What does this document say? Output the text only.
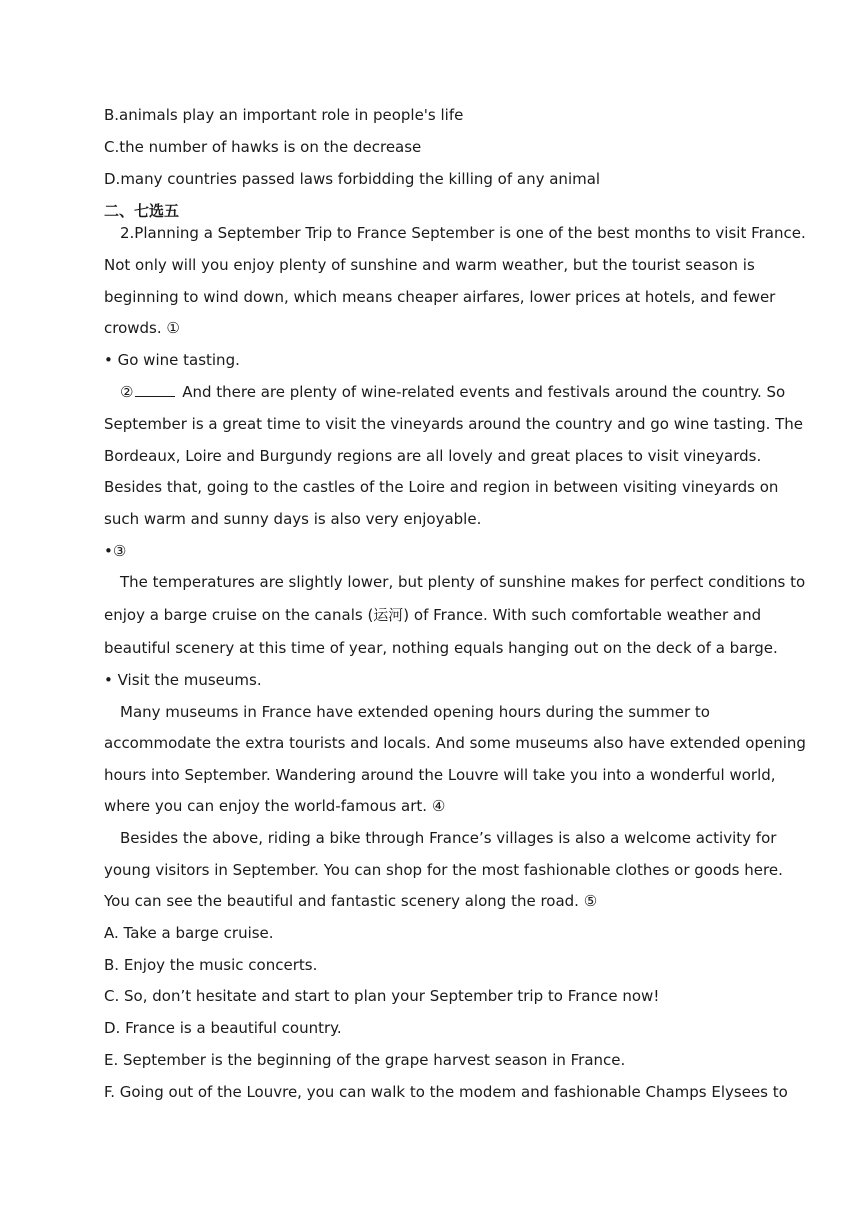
B.animals play an important role in people's life
C.the number of hawks is on the decrease
D.many countries passed laws forbidding the killing of any animal
二、七选五
2.Planning a September Trip to France September is one of the best months to visit France.
Not only will you enjoy plenty of sunshine and warm weather, but the tourist season is
beginning to wind down, which means cheaper airfares, lower prices at hotels, and fewer
crowds. ①
• Go wine tasting.
②	And there are plenty of wine-related events and festivals around the country. So
September is a great time to visit the vineyards around the country and go wine tasting. The
Bordeaux, Loire and Burgundy regions are all lovely and great places to visit vineyards.
Besides that, going to the castles of the Loire and region in between visiting vineyards on
such warm and sunny days is also very enjoyable.
•③
The temperatures are slightly lower, but plenty of sunshine makes for perfect conditions to
enjoy a barge cruise on the canals (运河) of France. With such comfortable weather and
beautiful scenery at this time of year, nothing equals hanging out on the deck of a barge.
• Visit the museums.
Many museums in France have extended opening hours during the summer to
accommodate the extra tourists and locals. And some museums also have extended opening
hours into September. Wandering around the Louvre will take you into a wonderful world,
where you can enjoy the world-famous art. ④
Besides the above, riding a bike through France’s villages is also a welcome activity for
young visitors in September. You can shop for the most fashionable clothes or goods here.
You can see the beautiful and fantastic scenery along the road. ⑤
A. Take a barge cruise.
B. Enjoy the music concerts.
C. So, don’t hesitate and start to plan your September trip to France now!
D. France is a beautiful country.
E. September is the beginning of the grape harvest season in France.
F. Going out of the Louvre, you can walk to the modem and fashionable Champs Elysees to
